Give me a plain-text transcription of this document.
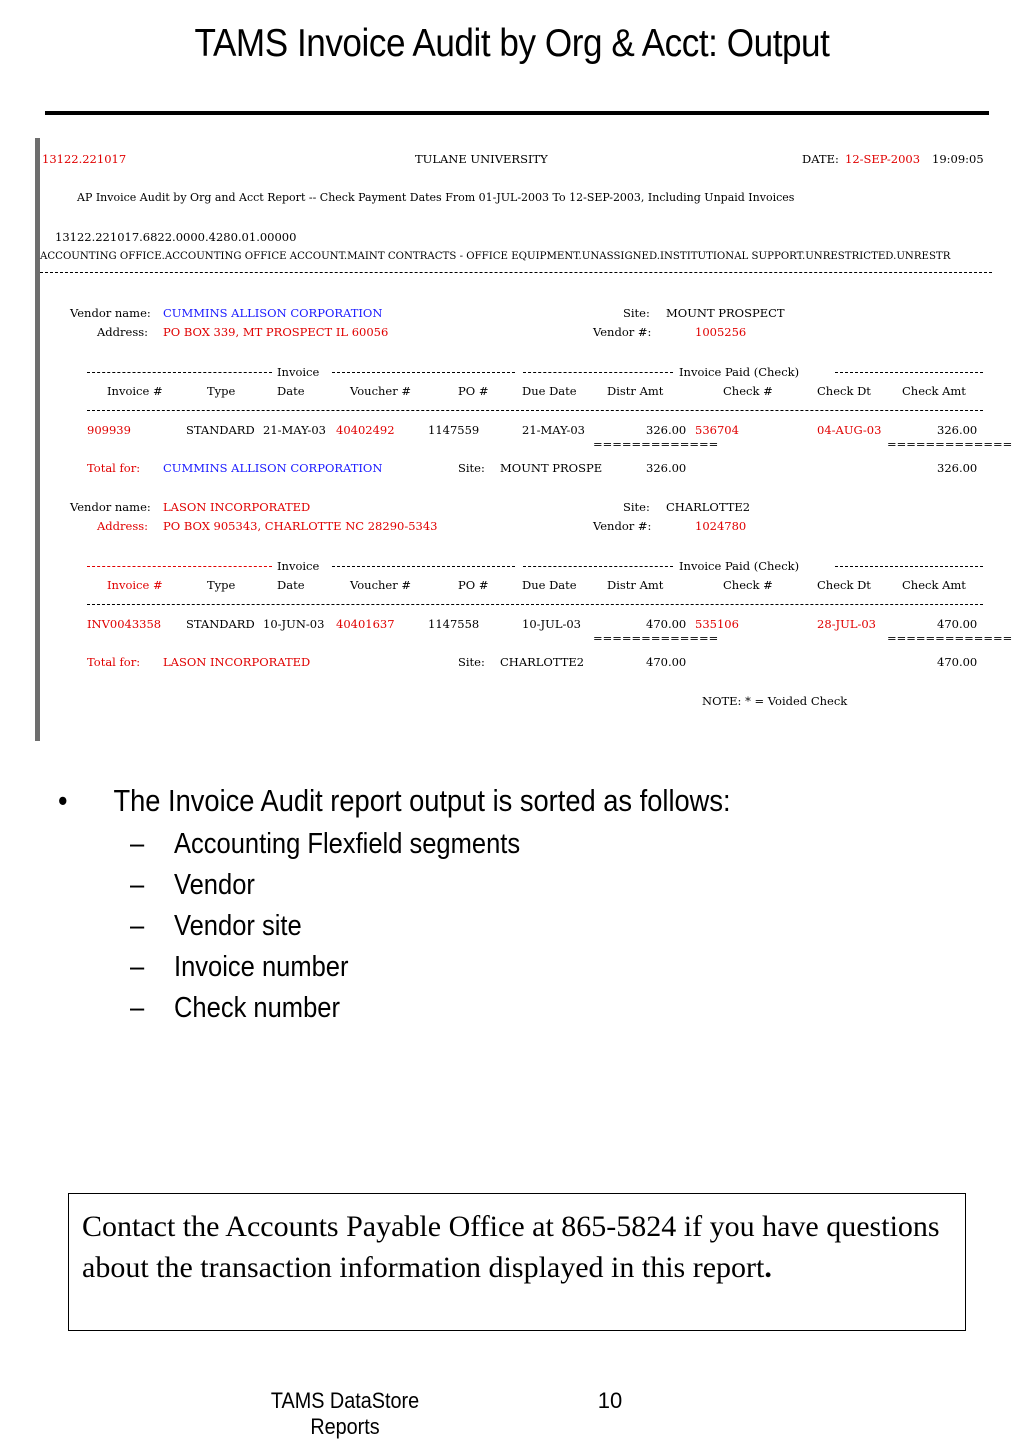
TAMS Invoice Audit by Org & Acct: Output
13122.221017	TULANE UNIVERSITY	DATE: 12-SEP-2003 19:09:05
AP Invoice Audit by Org and Acct Report -- Check Payment Dates From 01-JUL-2003 To 12-SEP-2003, Including Unpaid Invoices
13122.221017.6822.0000.4280.01.00000
ACCOUNTING OFFICE.ACCOUNTING OFFICE ACCOUNT.MAINT CONTRACTS - OFFICE EQUIPMENT.UNASSIGNED.INSTITUTIONAL SUPPORT.UNRESTRICTED.UNRESTR
Vendor name: CUMMINS ALLISON CORPORATION	Site: MOUNT PROSPECT
Address: PO BOX 339, MT PROSPECT IL 60056	Vendor #:	1005256
Invoice	Invoice Paid (Check)
Invoice #	Type	Date	Voucher #	PO #	Due Date	Distr Amt	Check #	Check Dt	Check Amt
909939	STANDARD 21-MAY-03 40402492	1147559	21-MAY-03	326.00 536704	04-AUG-03	326.00
=============	=============
Total for: CUMMINS ALLISON CORPORATION	Site: MOUNT PROSPE	326.00	326.00
Vendor name: LASON INCORPORATED	Site: CHARLOTTE2
Address: PO BOX 905343, CHARLOTTE NC 28290-5343	Vendor #:	1024780
Invoice	Invoice Paid (Check)
Invoice #	Type	Date	Voucher #	PO #	Due Date	Distr Amt	Check #	Check Dt	Check Amt
INV0043358 STANDARD 10-JUN-03 40401637	1147558	10-JUL-03	470.00 535106	28-JUL-03	470.00
=============	=============
Total for: LASON INCORPORATED	Site: CHARLOTTE2	470.00	470.00
NOTE: * = Voided Check
• The Invoice Audit report output is sorted as follows:
– Accounting Flexfield segments
– Vendor
– Vendor site
– Invoice number
– Check number
Contact the Accounts Payable Office at 865-5824 if you have questions about the transaction information displayed in this report.
TAMS DataStore Reports
10
